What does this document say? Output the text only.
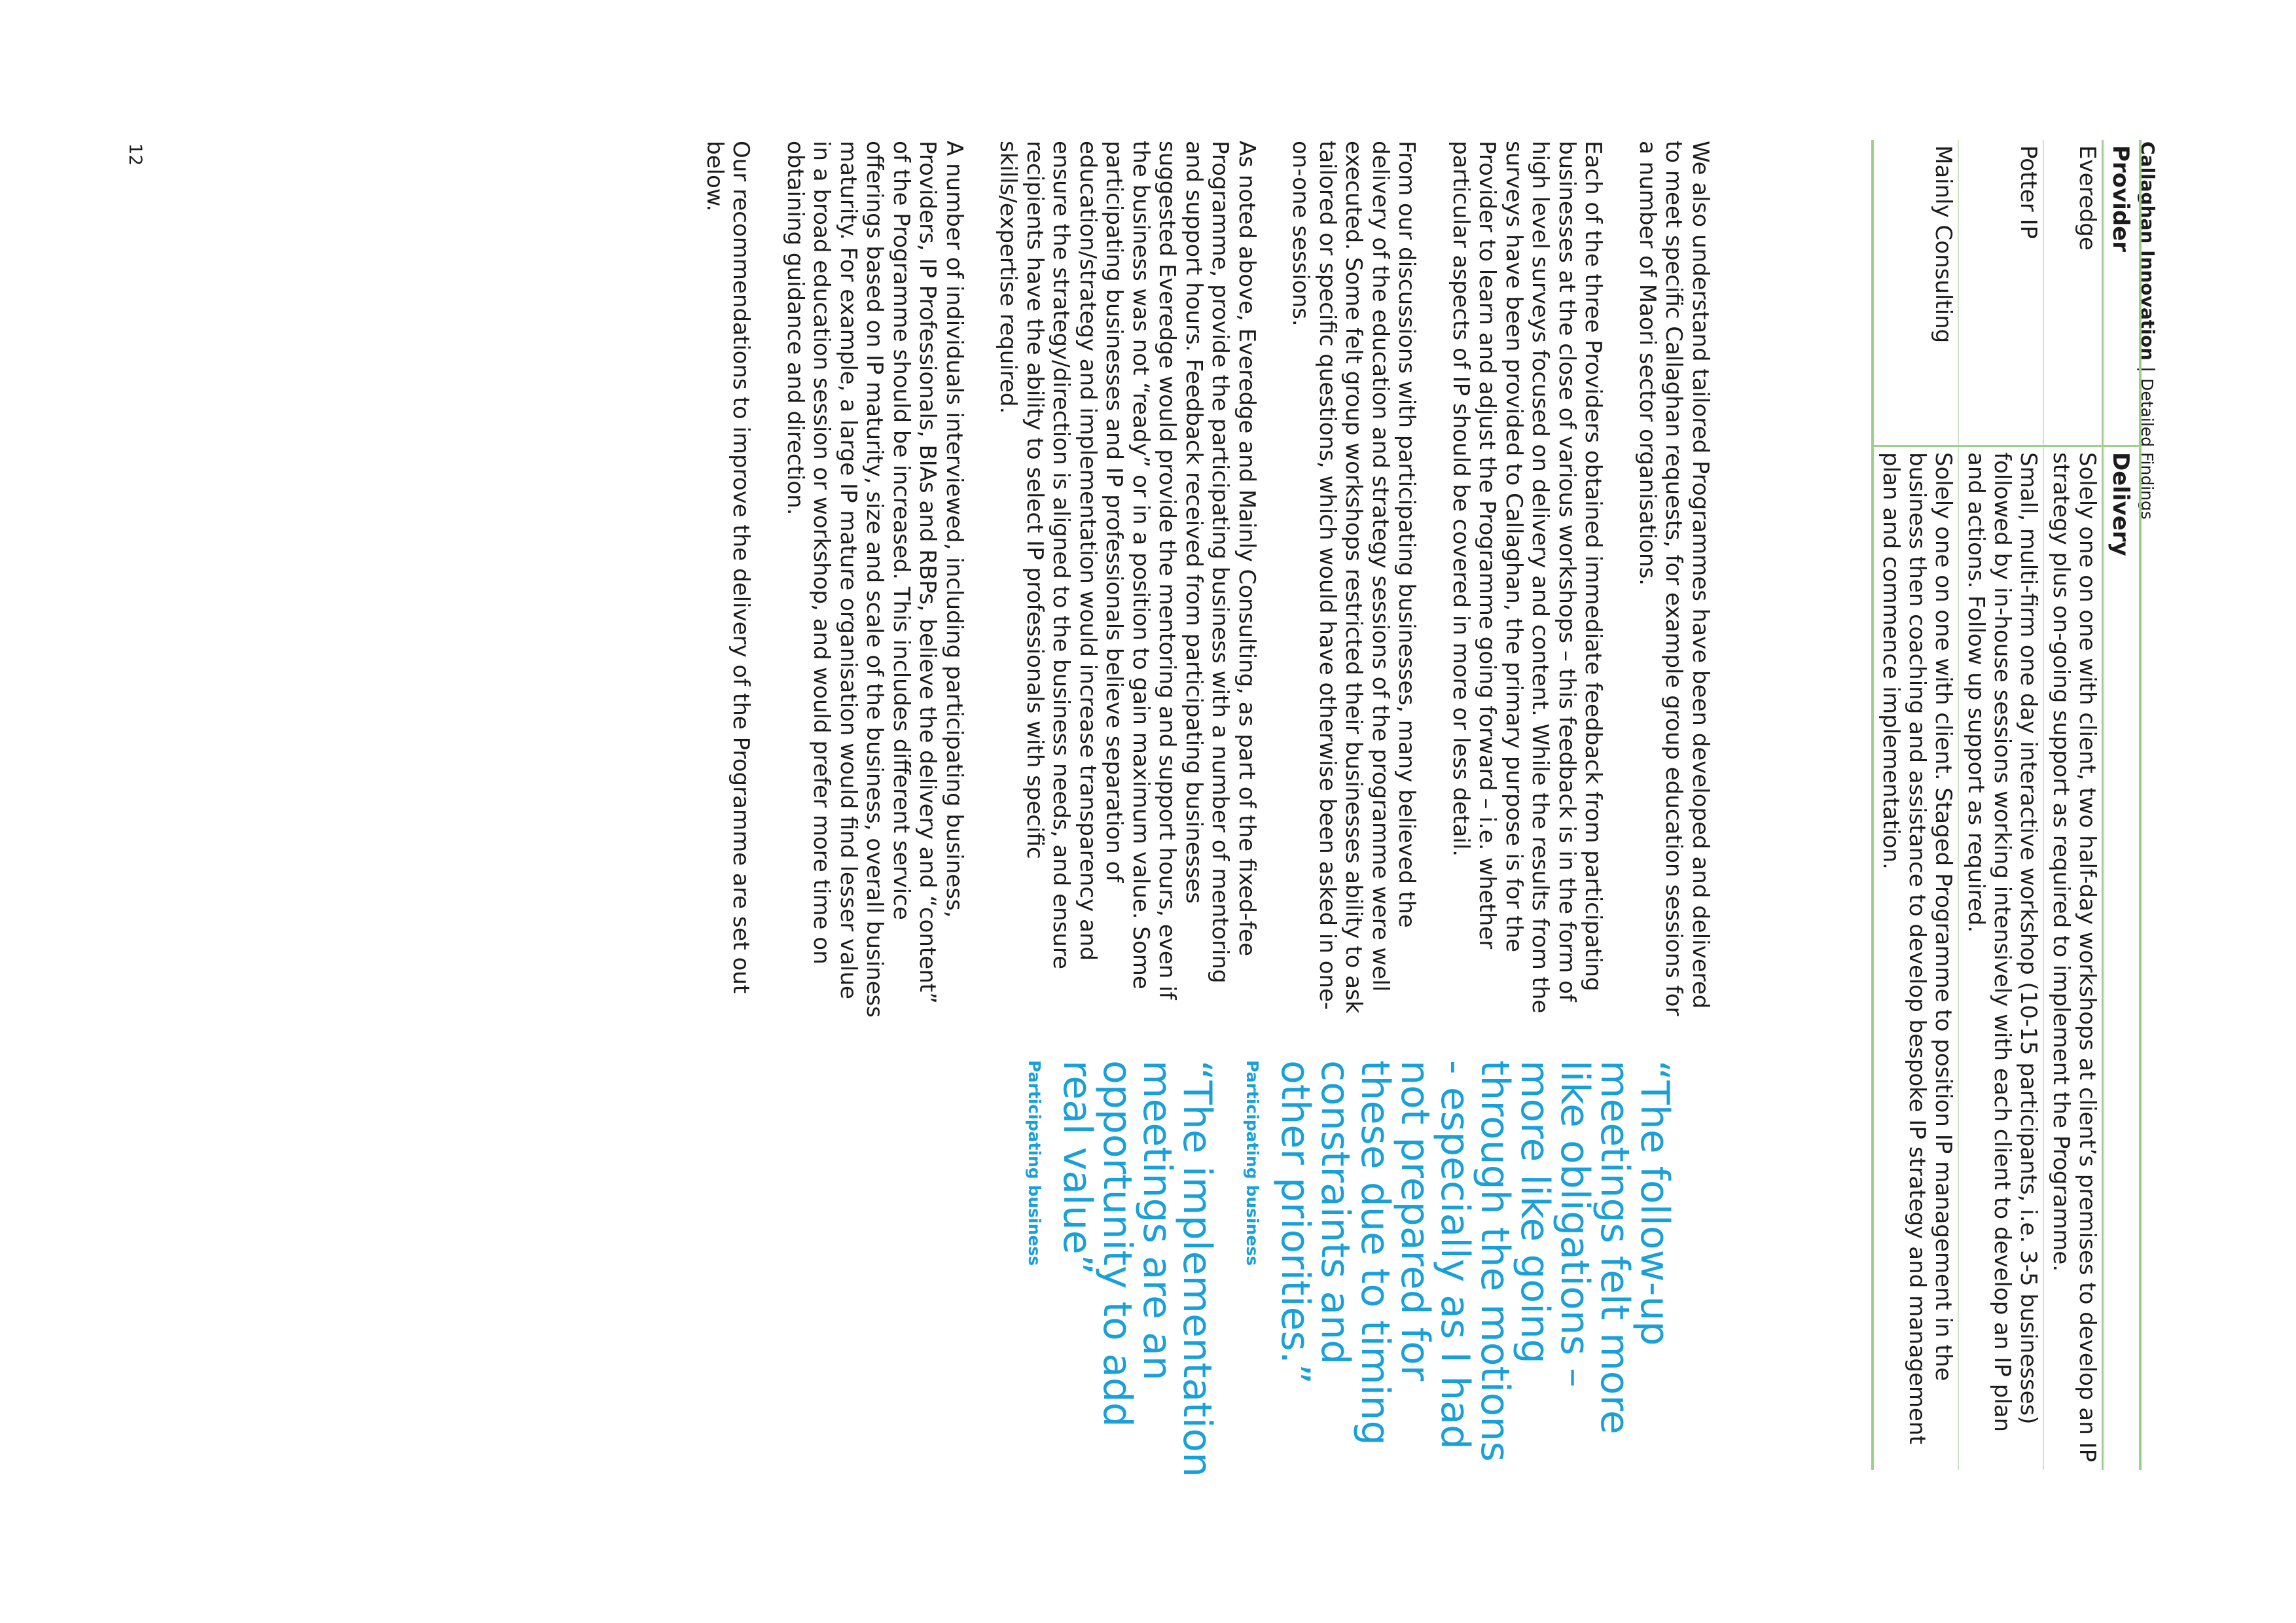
Callaghan Innovation | Detailed Findings
Provider	Delivery
Everedge	Solely one on one with client, two half-day workshops at client’s premises to develop an IP strategy plus on-going support as required to implement the Programme.
Potter IP	Small, multi-firm one day interactive workshop (10-15 participants, i.e. 3-5 businesses) followed by in-house sessions working intensively with each client to develop an IP plan and actions. Follow up support as required.
Mainly Consulting	Solely one on one with client. Staged Programme to position IP management in the business then coaching and assistance to develop bespoke IP strategy and management plan and commence implementation.

We also understand tailored Programmes have been developed and delivered to meet specific Callaghan requests, for example group education sessions for a number of Maori sector organisations.

Each of the three Providers obtained immediate feedback from participating businesses at the close of various workshops – this feedback is in the form of high level surveys focused on delivery and content. While the results from the surveys have been provided to Callaghan, the primary purpose is for the Provider to learn and adjust the Programme going forward – i.e. whether particular aspects of IP should be covered in more or less detail.

From our discussions with participating businesses, many believed the delivery of the education and strategy sessions of the programme were well executed. Some felt group workshops restricted their businesses ability to ask tailored or specific questions, which would have otherwise been asked in one-on-one sessions.

As noted above, Everedge and Mainly Consulting, as part of the fixed-fee Programme, provide the participating business with a number of mentoring and support hours. Feedback received from participating businesses suggested Everedge would provide the mentoring and support hours, even if the business was not “ready” or in a position to gain maximum value. Some participating businesses and IP professionals believe separation of education/strategy and implementation would increase transparency and ensure the strategy/direction is aligned to the business needs, and ensure recipients have the ability to select IP professionals with specific skills/expertise required.

A number of individuals interviewed, including participating business, Providers, IP Professionals, BIAs and RBPs, believe the delivery and “content” of the Programme should be increased. This includes different service offerings based on IP maturity, size and scale of the business, overall business maturity. For example, a large IP mature organisation would find lesser value in a broad education session or workshop, and would prefer more time on obtaining guidance and direction.

Our recommendations to improve the delivery of the Programme are set out below.

“The follow-up meetings felt more like obligations – more like going through the motions - especially as I had not prepared for these due to timing constraints and other priorities.”

Participating business

“The implementation meetings are an opportunity to add real value”

Participating business

12
